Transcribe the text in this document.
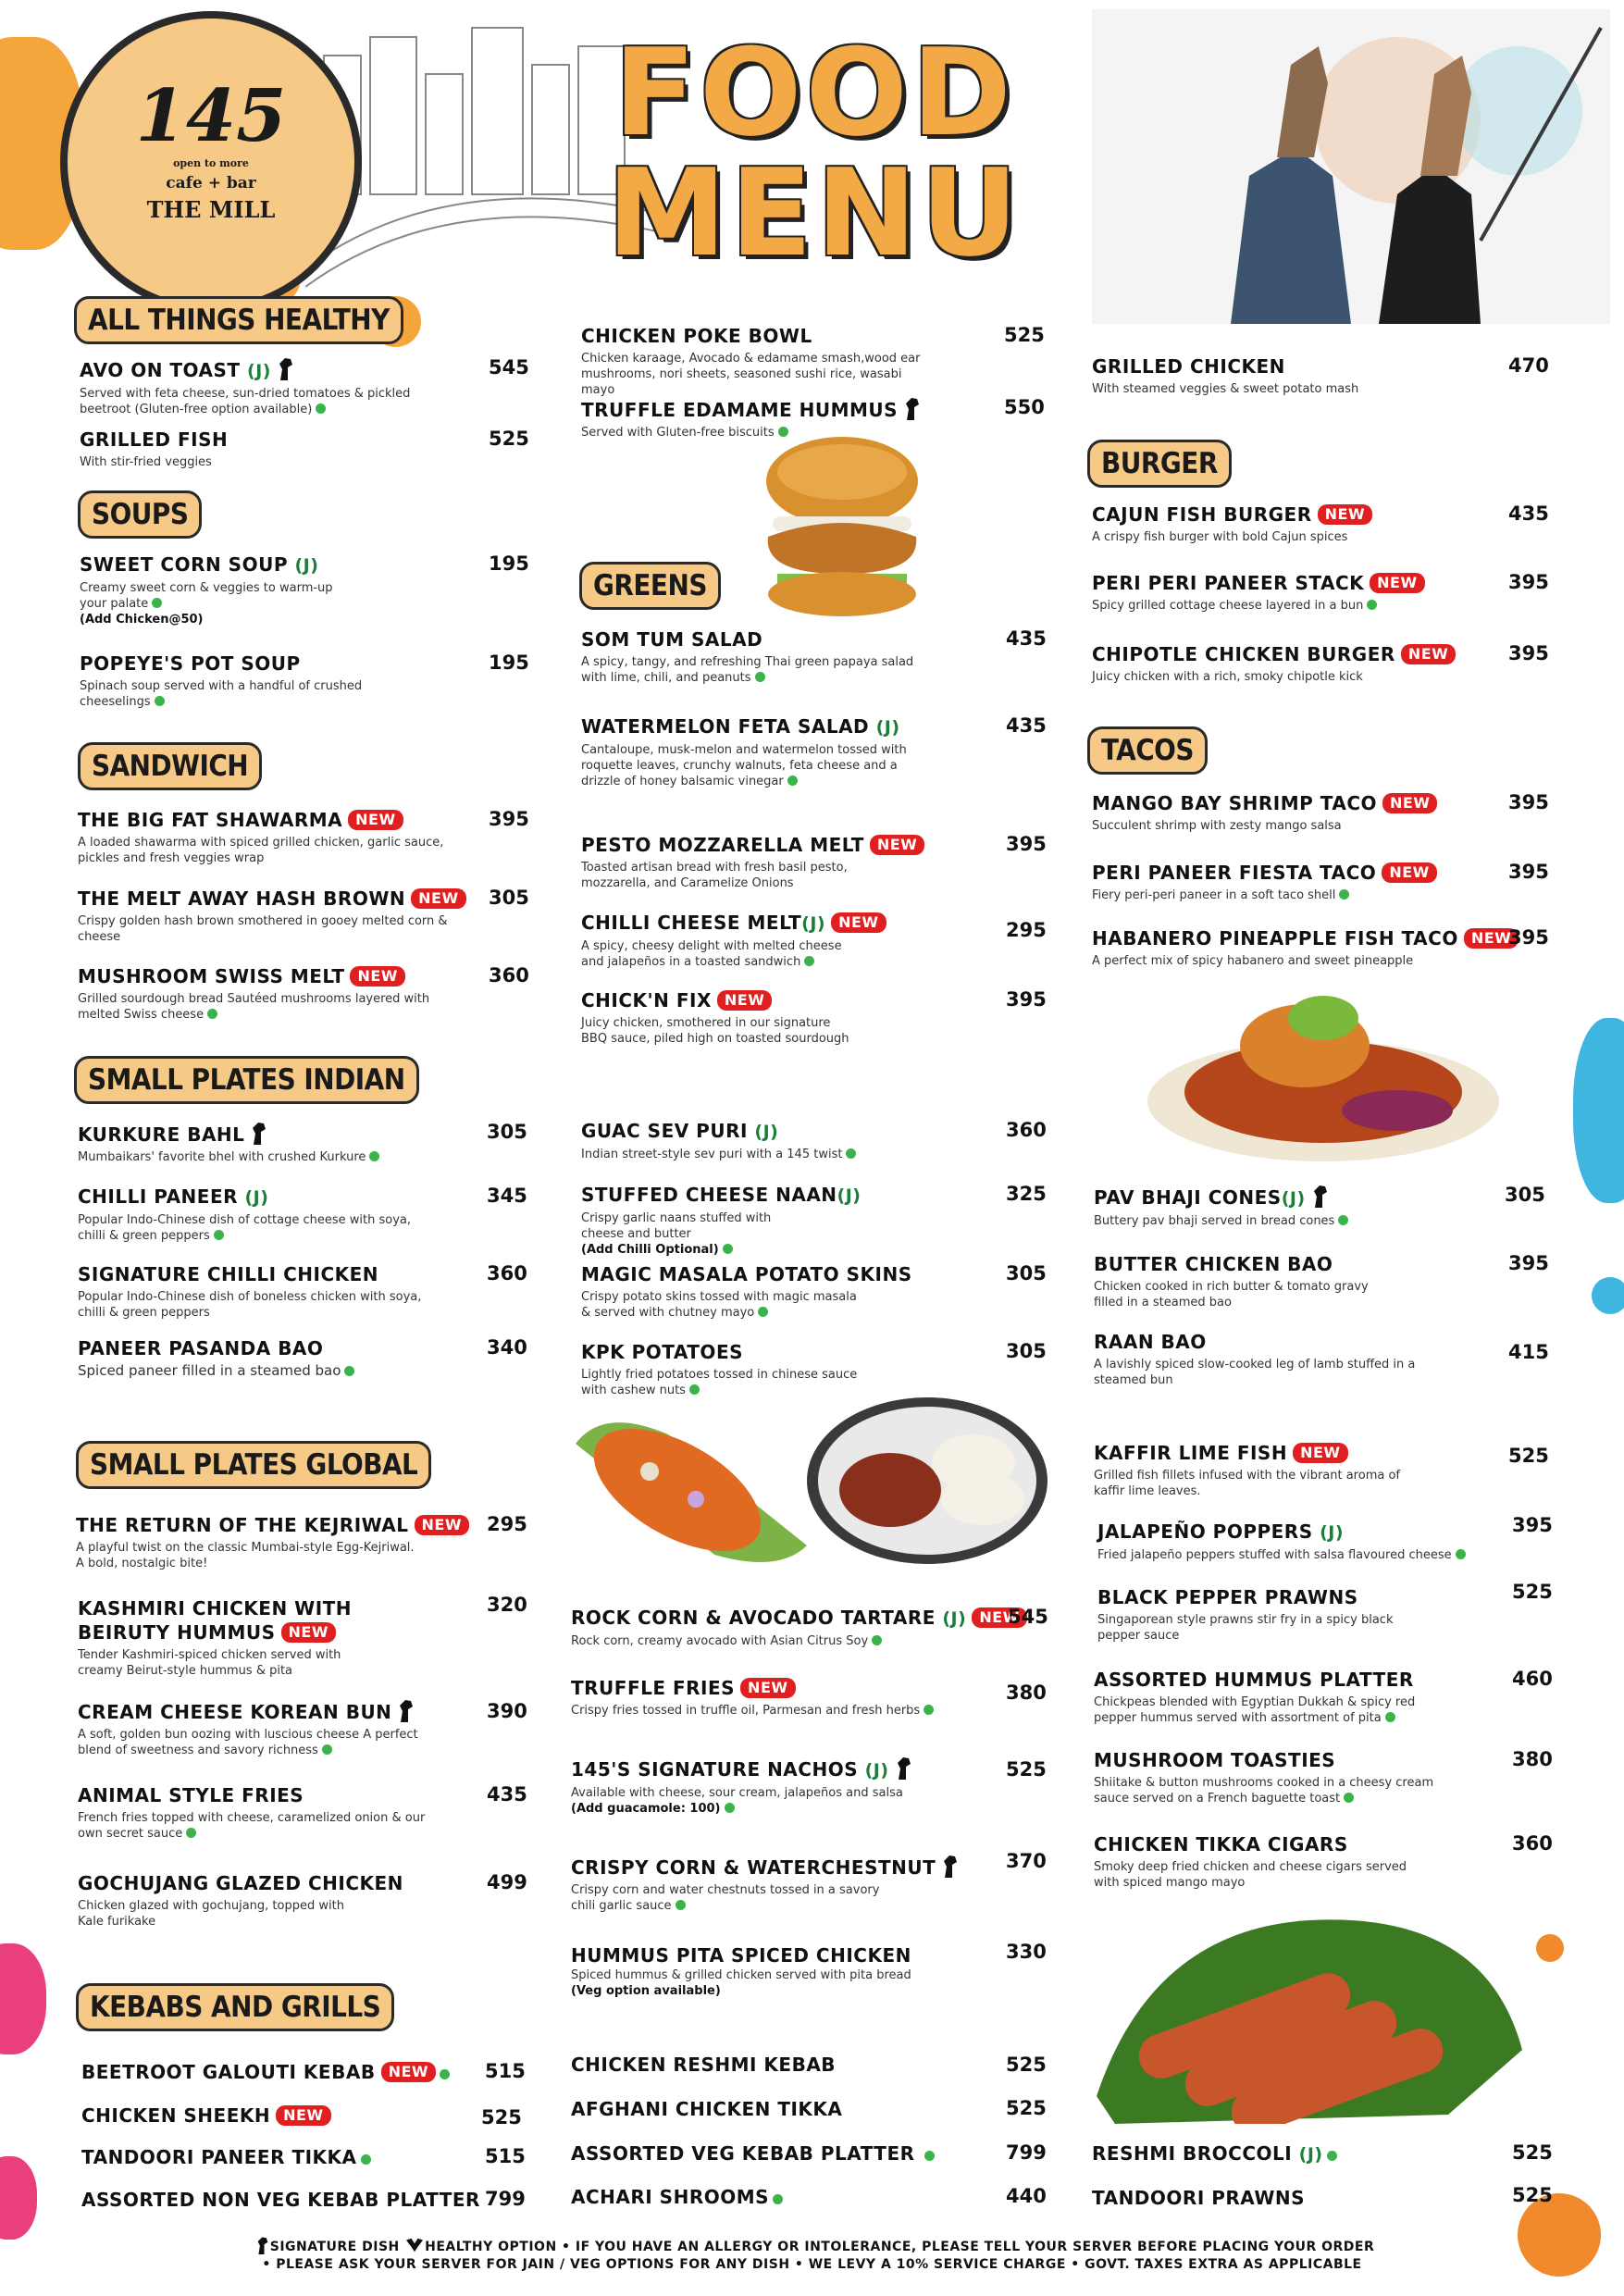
145
open to more
cafe + bar
THE MILL
FOOD
MENU
ALL THINGS HEALTHY
AVO ON TOAST (J)
Served with feta cheese, sun-dried tomatoes & pickled beetroot (Gluten-free option available)
545
GRILLED FISH
With stir-fried veggies
525
SOUPS
SWEET CORN SOUP (J)
Creamy sweet corn & veggies to warm-up your palate
(Add Chicken@50)
195
POPEYE'S POT SOUP
Spinach soup served with a handful of crushed cheeselings
195
SANDWICH
THE BIG FAT SHAWARMA NEW
A loaded shawarma with spiced grilled chicken, garlic sauce, pickles and fresh veggies wrap
395
THE MELT AWAY HASH BROWN NEW
Crispy golden hash brown smothered in gooey melted corn & cheese
305
MUSHROOM SWISS MELT NEW
Grilled sourdough bread Sautéed mushrooms layered with melted Swiss cheese
360
SMALL PLATES INDIAN
KURKURE BAHL
Mumbaikars' favorite bhel with crushed Kurkure
305
CHILLI PANEER (J)
Popular Indo-Chinese dish of cottage cheese with soya, chilli & green peppers
345
SIGNATURE CHILLI CHICKEN
Popular Indo-Chinese dish of boneless chicken with soya, chilli & green peppers
360
PANEER PASANDA BAO
Spiced paneer filled in a steamed bao
340
SMALL PLATES GLOBAL
THE RETURN OF THE KEJRIWAL NEW
A playful twist on the classic Mumbai-style Egg-Kejriwal. A bold, nostalgic bite!
295
KASHMIRI CHICKEN WITH
BEIRUTY HUMMUS NEW
Tender Kashmiri-spiced chicken served with creamy Beirut-style hummus & pita
320
CREAM CHEESE KOREAN BUN
A soft, golden bun oozing with luscious cheese A perfect blend of sweetness and savory richness
390
ANIMAL STYLE FRIES
French fries topped with cheese, caramelized onion & our own secret sauce
435
GOCHUJANG GLAZED CHICKEN
Chicken glazed with gochujang, topped with Kale furikake
499
KEBABS AND GRILLS
BEETROOT GALOUTI KEBAB NEW	515
CHICKEN SHEEKH NEW	525
TANDOORI PANEER TIKKA	515
ASSORTED NON VEG KEBAB PLATTER 799
CHICKEN POKE BOWL
Chicken karaage, Avocado & edamame smash,wood ear mushrooms, nori sheets, seasoned sushi rice, wasabi mayo
525
TRUFFLE EDAMAME HUMMUS
Served with Gluten-free biscuits
550
GREENS
SOM TUM SALAD
A spicy, tangy, and refreshing Thai green papaya salad with lime, chili, and peanuts
435
WATERMELON FETA SALAD (J)
Cantaloupe, musk-melon and watermelon tossed with roquette leaves, crunchy walnuts, feta cheese and a drizzle of honey balsamic vinegar
435
PESTO MOZZARELLA MELT NEW
Toasted artisan bread with fresh basil pesto, mozzarella, and Caramelize Onions
395
CHILLI CHEESE MELT(J) NEW
A spicy, cheesy delight with melted cheese and jalapeños in a toasted sandwich
295
CHICK'N FIX NEW
Juicy chicken, smothered in our signature BBQ sauce, piled high on toasted sourdough
395
GUAC SEV PURI (J)
Indian street-style sev puri with a 145 twist
360
STUFFED CHEESE NAAN(J)
Crispy garlic naans stuffed with cheese and butter
(Add Chilli Optional)
325
MAGIC MASALA POTATO SKINS
Crispy potato skins tossed with magic masala & served with chutney mayo
305
KPK POTATOES
Lightly fried potatoes tossed in chinese sauce with cashew nuts
305
ROCK CORN & AVOCADO TARTARE (J) NEW
Rock corn, creamy avocado with Asian Citrus Soy
545
TRUFFLE FRIES NEW
Crispy fries tossed in truffle oil, Parmesan and fresh herbs
380
145'S SIGNATURE NACHOS (J)
Available with cheese, sour cream, jalapeños and salsa
(Add guacamole: 100)
525
CRISPY CORN & WATERCHESTNUT
Crispy corn and water chestnuts tossed in a savory chili garlic sauce
370
HUMMUS PITA SPICED CHICKEN
Spiced hummus & grilled chicken served with pita bread
(Veg option available)
330
CHICKEN RESHMI KEBAB	525
AFGHANI CHICKEN TIKKA	525
ASSORTED VEG KEBAB PLATTER	799
ACHARI SHROOMS	440
GRILLED CHICKEN
With steamed veggies & sweet potato mash
470
BURGER
CAJUN FISH BURGER NEW
A crispy fish burger with bold Cajun spices
435
PERI PERI PANEER STACK NEW
Spicy grilled cottage cheese layered in a bun
395
CHIPOTLE CHICKEN BURGER NEW
Juicy chicken with a rich, smoky chipotle kick
395
TACOS
MANGO BAY SHRIMP TACO NEW
Succulent shrimp with zesty mango salsa
395
PERI PANEER FIESTA TACO NEW
Fiery peri-peri paneer in a soft taco shell
395
HABANERO PINEAPPLE FISH TACO NEW
A perfect mix of spicy habanero and sweet pineapple
395
PAV BHAJI CONES(J)
Buttery pav bhaji served in bread cones
305
BUTTER CHICKEN BAO
Chicken cooked in rich butter & tomato gravy filled in a steamed bao
395
RAAN BAO
A lavishly spiced slow-cooked leg of lamb stuffed in a steamed bun
415
KAFFIR LIME FISH NEW
Grilled fish fillets infused with the vibrant aroma of kaffir lime leaves.
525
JALAPEÑO POPPERS (J)
Fried jalapeño peppers stuffed with salsa flavoured cheese
395
BLACK PEPPER PRAWNS
Singaporean style prawns stir fry in a spicy black pepper sauce
525
ASSORTED HUMMUS PLATTER
Chickpeas blended with Egyptian Dukkah & spicy red pepper hummus served with assortment of pita
460
MUSHROOM TOASTIES
Shiitake & button mushrooms cooked in a cheesy cream sauce served on a French baguette toast
380
CHICKEN TIKKA CIGARS
Smoky deep fried chicken and cheese cigars served with spiced mango mayo
360
RESHMI BROCCOLI (J)	525
TANDOORI PRAWNS	525
SIGNATURE DISH HEALTHY OPTION • IF YOU HAVE AN ALLERGY OR INTOLERANCE, PLEASE TELL YOUR SERVER BEFORE PLACING YOUR ORDER
• PLEASE ASK YOUR SERVER FOR JAIN / VEG OPTIONS FOR ANY DISH • WE LEVY A 10% SERVICE CHARGE • GOVT. TAXES EXTRA AS APPLICABLE
